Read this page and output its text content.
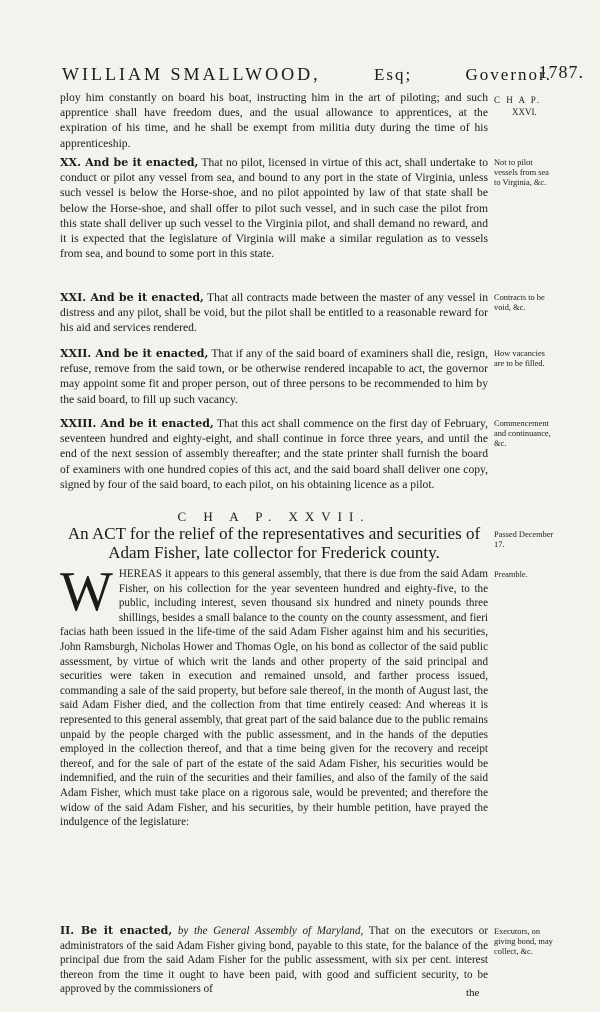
WILLIAM SMALLWOOD,	Esq;	Governor.
1787.
C H A P.
XXVI.
ploy him constantly on board his boat, instructing him in the art of piloting; and such apprentice shall have freedom dues, and the usual allowance to apprentices, at the expiration of his time, and he shall be exempt from militia duty during the time of his apprenticeship.
XX. And be it enacted, That no pilot, licensed in virtue of this act, shall undertake to conduct or pilot any vessel from sea, and bound to any port in the state of Virginia, unless such vessel is below the Horse-shoe, and no pilot appointed by law of that state shall be below the Horse-shoe, and shall offer to pilot such vessel, and in such case the pilot from this state shall deliver up such vessel to the Virginia pilot, and shall demand no reward, and it is expected that the legislature of Virginia will make a similar regulation as to vessels from sea, and bound to some port in this state.
Not to pilot vessels from sea to Virginia, &c.
XXI. And be it enacted, That all contracts made between the master of any vessel in distress and any pilot, shall be void, but the pilot shall be entitled to a reasonable reward for his aid and services rendered.
Contracts to be void, &c.
XXII. And be it enacted, That if any of the said board of examiners shall die, resign, refuse, remove from the said town, or be otherwise rendered incapable to act, the governor may appoint some fit and proper person, out of three persons to be recommended to him by the said board, to fill up such vacancy.
How vacancies are to be filled.
XXIII. And be it enacted, That this act shall commence on the first day of February, seventeen hundred and eighty-eight, and shall continue in force three years, and until the end of the next session of assembly thereafter; and the state printer shall furnish the board of examiners with one hundred copies of this act, and the said board shall deliver one copy, signed by four of the said board, to each pilot, on his obtaining licence as a pilot.
Commencement and continuance, &c.
C H A P. XXVII.
An ACT for the relief of the representatives and securities of Adam Fisher, late collector for Frederick county.
Passed December 17.
WHEREAS it appears to this general assembly, that there is due from the said Adam Fisher, on his collection for the year seventeen hundred and eighty-five, to the public, including interest, seven thousand six hundred and ninety pounds three shillings, besides a small balance to the county on the county assessment, and fieri facias hath been issued in the life-time of the said Adam Fisher against him and his securities, John Ramsburgh, Nicholas Hower and Thomas Ogle, on his bond as collector of the said public assessment, by virtue of which writ the lands and other property of the said principal and securities were taken in execution and remained unsold, and farther process issued, commanding a sale of the said property, but before sale thereof, in the month of August last, the said Adam Fisher died, and the collection from that time entirely ceased: And whereas it is represented to this general assembly, that great part of the said balance due to the public remains unpaid by the people charged with the public assessment, and in the hands of the deputies employed in the collection thereof, and that a time being given for the recovery and receipt thereof, and for the sale of part of the estate of the said Adam Fisher, his securities would be indemnified, and the ruin of the securities and their families, and also of the family of the said Adam Fisher, which must take place on a rigorous sale, would be prevented; and therefore the widow of the said Adam Fisher, and his securities, by their humble petition, have prayed the indulgence of the legislature:
Preamble.
II. Be it enacted, by the General Assembly of Maryland, That on the executors or administrators of the said Adam Fisher giving bond, payable to this state, for the balance of the principal due from the said Adam Fisher for the public assessment, with six per cent. interest thereon from the time it ought to have been paid, with good and sufficient security, to be approved by the commissioners of
Executors, on giving bond, may collect, &c.
the
